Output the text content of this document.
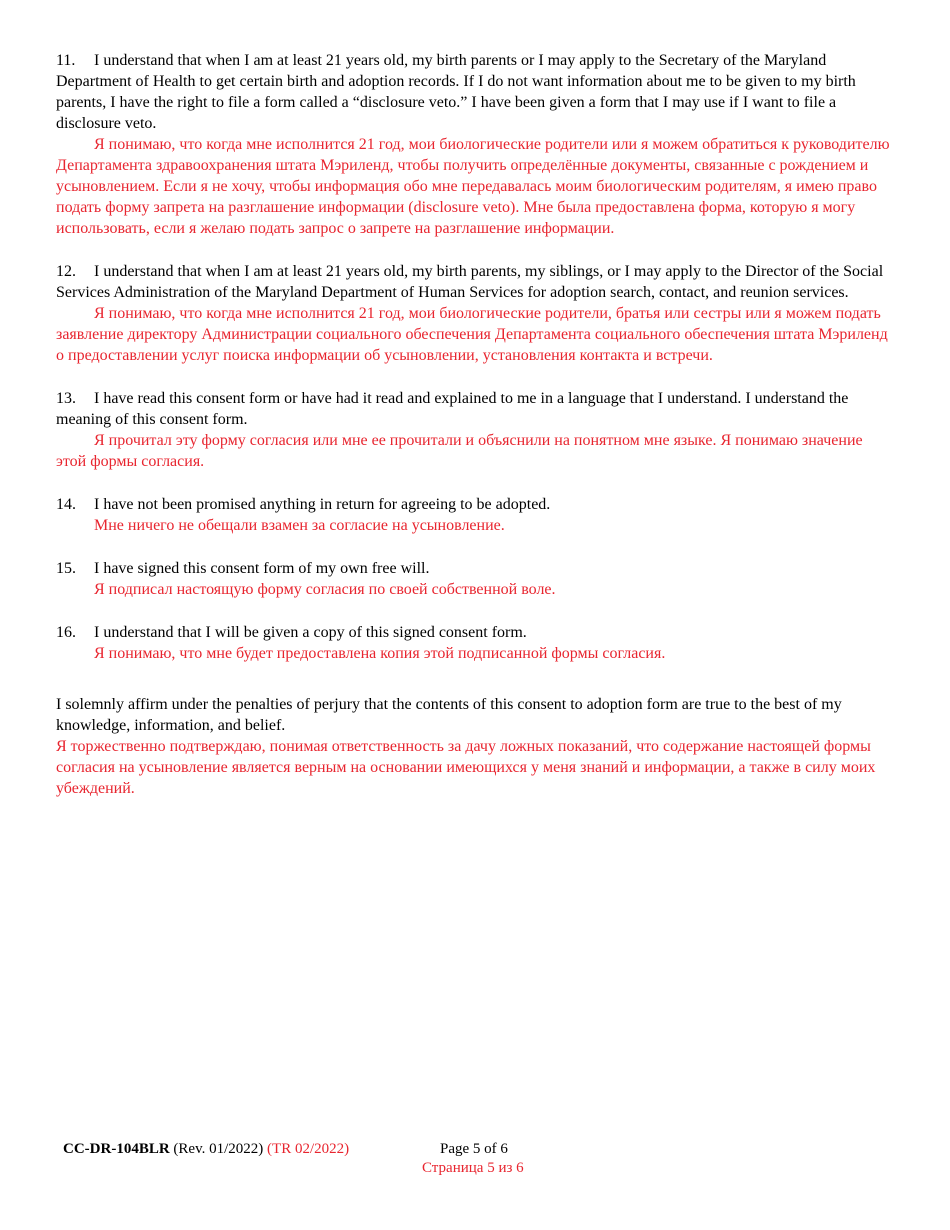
11. I understand that when I am at least 21 years old, my birth parents or I may apply to the Secretary of the Maryland Department of Health to get certain birth and adoption records. If I do not want information about me to be given to my birth parents, I have the right to file a form called a “disclosure veto.” I have been given a form that I may use if I want to file a disclosure veto.

Я понимаю, что когда мне исполнится 21 год, мои биологические родители или я можем обратиться к руководителю Департамента здравоохранения штата Мэриленд, чтобы получить определённые документы, связанные с рождением и усыновлением. Если я не хочу, чтобы информация обо мне передавалась моим биологическим родителям, я имею право подать форму запрета на разглашение информации (disclosure veto). Мне была предоставлена форма, которую я могу использовать, если я желаю подать запрос о запрете на разглашение информации.

12. I understand that when I am at least 21 years old, my birth parents, my siblings, or I may apply to the Director of the Social Services Administration of the Maryland Department of Human Services for adoption search, contact, and reunion services.

Я понимаю, что когда мне исполнится 21 год, мои биологические родители, братья или сестры или я можем подать заявление директору Администрации социального обеспечения Департамента социального обеспечения штата Мэриленд о предоставлении услуг поиска информации об усыновлении, установления контакта и встречи.

13. I have read this consent form or have had it read and explained to me in a language that I understand. I understand the meaning of this consent form.

Я прочитал эту форму согласия или мне ее прочитали и объяснили на понятном мне языке. Я понимаю значение этой формы согласия.

14. I have not been promised anything in return for agreeing to be adopted.

Мне ничего не обещали взамен за согласие на усыновление.

15. I have signed this consent form of my own free will.

Я подписал настоящую форму согласия по своей собственной воле.

16. I understand that I will be given a copy of this signed consent form.

Я понимаю, что мне будет предоставлена копия этой подписанной формы согласия.

I solemnly affirm under the penalties of perjury that the contents of this consent to adoption form are true to the best of my knowledge, information, and belief.

Я торжественно подтверждаю, понимая ответственность за дачу ложных показаний, что содержание настоящей формы согласия на усыновление является верным на основании имеющихся у меня знаний и информации, а также в силу моих убеждений.

CC-DR-104BLR (Rev. 01/2022) (TR 02/2022)	Page 5 of 6
Страница 5 из 6
